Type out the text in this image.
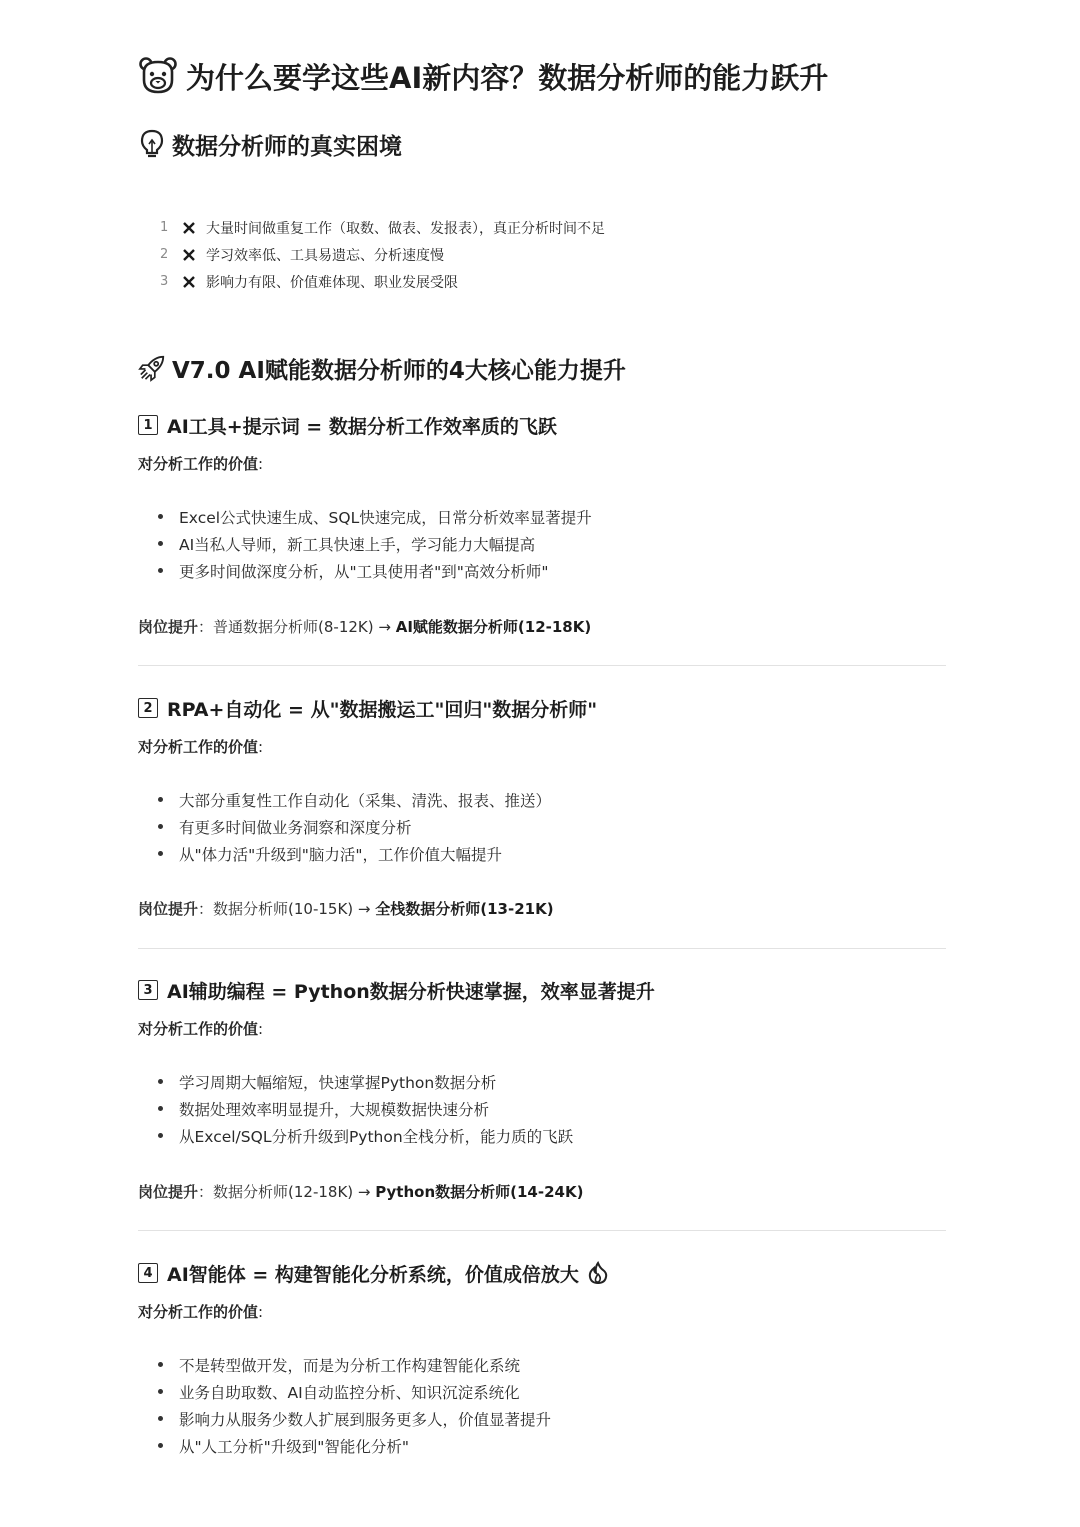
为什么要学这些AI新内容？数据分析师的能力跃升
数据分析师的真实困境
1	大量时间做重复工作（取数、做表、发报表），真正分析时间不足
2	学习效率低、工具易遗忘、分析速度慢
3	影响力有限、价值难体现、职业发展受限
V7.0 AI赋能数据分析师的4大核心能力提升
1 AI工具+提示词 = 数据分析工作效率质的飞跃
对分析工作的价值:
Excel公式快速生成、SQL快速完成，日常分析效率显著提升
AI当私人导师，新工具快速上手，学习能力大幅提高
更多时间做深度分析，从"工具使用者"到"高效分析师"
岗位提升：普通数据分析师(8-12K) → AI赋能数据分析师(12-18K)
2 RPA+自动化 = 从"数据搬运工"回归"数据分析师"
对分析工作的价值:
大部分重复性工作自动化（采集、清洗、报表、推送）
有更多时间做业务洞察和深度分析
从"体力活"升级到"脑力活"，工作价值大幅提升
岗位提升：数据分析师(10-15K) → 全栈数据分析师(13-21K)
3 AI辅助编程 = Python数据分析快速掌握，效率显著提升
对分析工作的价值:
学习周期大幅缩短，快速掌握Python数据分析
数据处理效率明显提升，大规模数据快速分析
从Excel/SQL分析升级到Python全栈分析，能力质的飞跃
岗位提升：数据分析师(12-18K) → Python数据分析师(14-24K)
4 AI智能体 = 构建智能化分析系统，价值成倍放大
对分析工作的价值:
不是转型做开发，而是为分析工作构建智能化系统
业务自助取数、AI自动监控分析、知识沉淀系统化
影响力从服务少数人扩展到服务更多人，价值显著提升
从"人工分析"升级到"智能化分析"
